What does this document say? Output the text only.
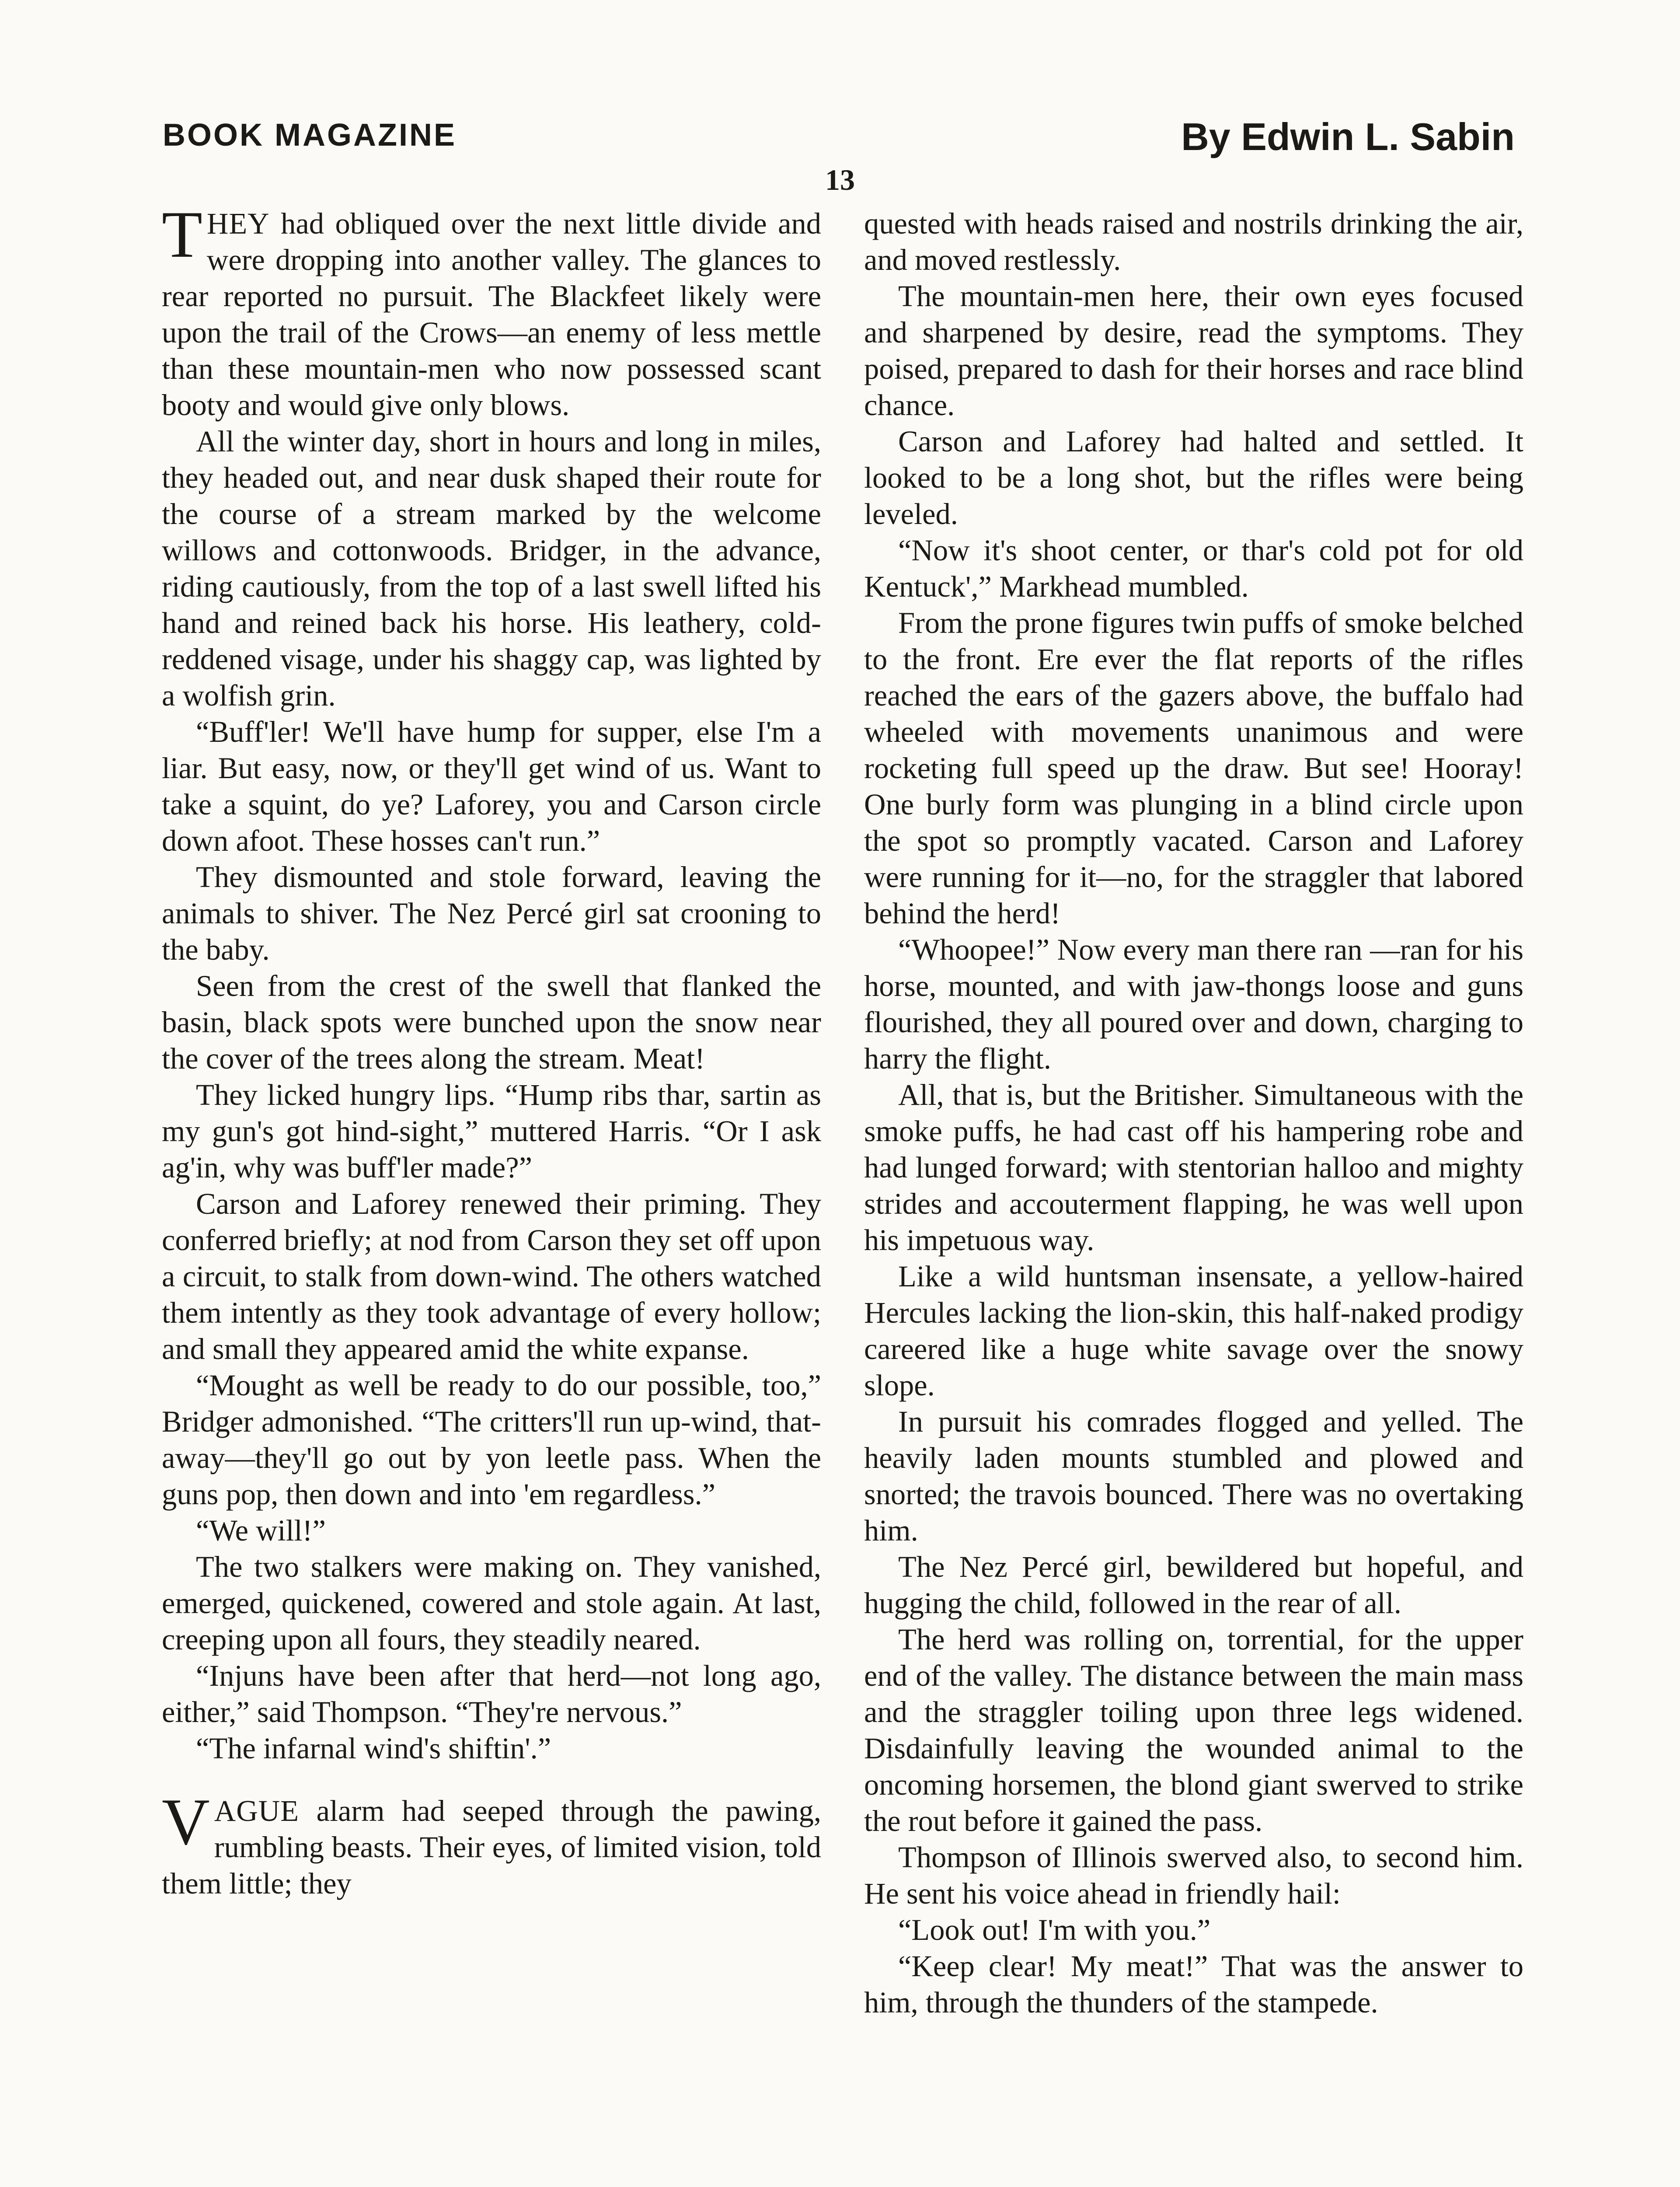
BOOK MAGAZINE	By Edwin L. Sabin
13

THEY had obliqued over the next little divide and were dropping into another valley. The glances to rear reported no pursuit. The Blackfeet likely were upon the trail of the Crows—an enemy of less mettle than these mountain-men who now possessed scant booty and would give only blows.

All the winter day, short in hours and long in miles, they headed out, and near dusk shaped their route for the course of a stream marked by the welcome willows and cottonwoods. Bridger, in the advance, riding cautiously, from the top of a last swell lifted his hand and reined back his horse. His leathery, cold-reddened visage, under his shaggy cap, was lighted by a wolfish grin.

“Buff'ler! We'll have hump for supper, else I'm a liar. But easy, now, or they'll get wind of us. Want to take a squint, do ye? Laforey, you and Carson circle down afoot. These hosses can't run.”

They dismounted and stole forward, leaving the animals to shiver. The Nez Percé girl sat crooning to the baby.

Seen from the crest of the swell that flanked the basin, black spots were bunched upon the snow near the cover of the trees along the stream. Meat!

They licked hungry lips. “Hump ribs thar, sartin as my gun's got hind-sight,” muttered Harris. “Or I ask ag'in, why was buff'ler made?”

Carson and Laforey renewed their priming. They conferred briefly; at nod from Carson they set off upon a circuit, to stalk from down-wind. The others watched them intently as they took advantage of every hollow; and small they appeared amid the white expanse.

“Mought as well be ready to do our possible, too,” Bridger admonished. “The critters'll run up-wind, that-away—they'll go out by yon leetle pass. When the guns pop, then down and into 'em regardless.”

“We will!”

The two stalkers were making on. They vanished, emerged, quickened, cowered and stole again. At last, creeping upon all fours, they steadily neared.

“Injuns have been after that herd—not long ago, either,” said Thompson. “They're nervous.”

“The infarnal wind's shiftin'.”

VAGUE alarm had seeped through the pawing, rumbling beasts. Their eyes, of limited vision, told them little; they

quested with heads raised and nostrils drinking the air, and moved restlessly.

The mountain-men here, their own eyes focused and sharpened by desire, read the symptoms. They poised, prepared to dash for their horses and race blind chance.

Carson and Laforey had halted and settled. It looked to be a long shot, but the rifles were being leveled.

“Now it's shoot center, or thar's cold pot for old Kentuck',” Markhead mumbled.

From the prone figures twin puffs of smoke belched to the front. Ere ever the flat reports of the rifles reached the ears of the gazers above, the buffalo had wheeled with movements unanimous and were rocketing full speed up the draw. But see! Hooray! One burly form was plunging in a blind circle upon the spot so promptly vacated. Carson and Laforey were running for it—no, for the straggler that labored behind the herd!

“Whoopee!” Now every man there ran —ran for his horse, mounted, and with jaw-thongs loose and guns flourished, they all poured over and down, charging to harry the flight.

All, that is, but the Britisher. Simultaneous with the smoke puffs, he had cast off his hampering robe and had lunged forward; with stentorian halloo and mighty strides and accouterment flapping, he was well upon his impetuous way.

Like a wild huntsman insensate, a yellow-haired Hercules lacking the lion-skin, this half-naked prodigy careered like a huge white savage over the snowy slope.

In pursuit his comrades flogged and yelled. The heavily laden mounts stumbled and plowed and snorted; the travois bounced. There was no overtaking him.

The Nez Percé girl, bewildered but hopeful, and hugging the child, followed in the rear of all.

The herd was rolling on, torrential, for the upper end of the valley. The distance between the main mass and the straggler toiling upon three legs widened. Disdainfully leaving the wounded animal to the oncoming horsemen, the blond giant swerved to strike the rout before it gained the pass.

Thompson of Illinois swerved also, to second him. He sent his voice ahead in friendly hail:

“Look out! I'm with you.”

“Keep clear! My meat!” That was the answer to him, through the thunders of the stampede.
